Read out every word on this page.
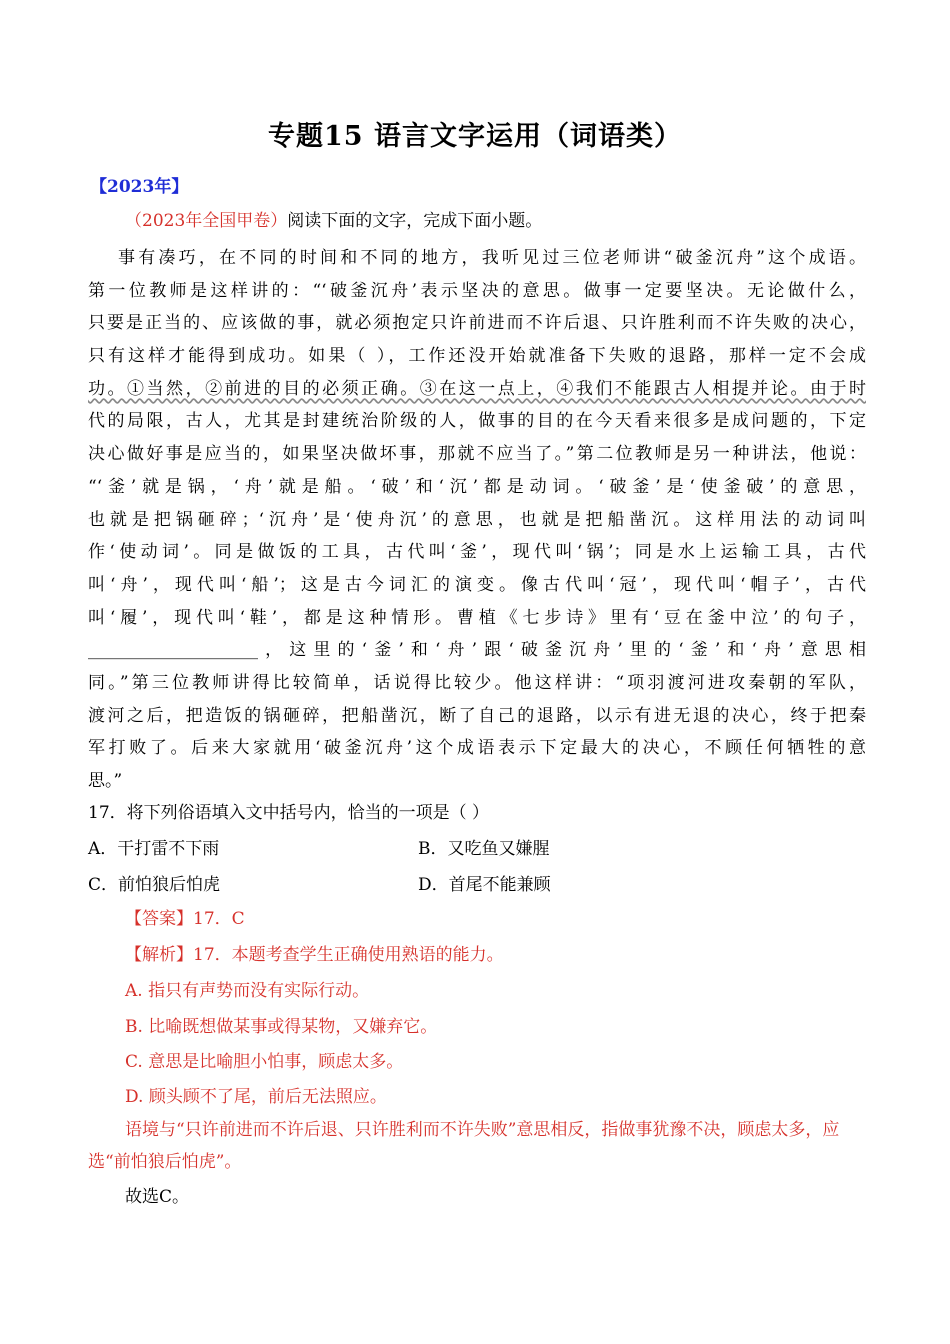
专题15 语言文字运用（词语类）
【2023年】
（2023年全国甲卷）阅读下面的文字，完成下面小题。
事有凑巧，在不同的时间和不同的地方，我听见过三位老师讲“破釜沉舟”这个成语。
第一位教师是这样讲的：“‘破釜沉舟’表示坚决的意思。做事一定要坚决。无论做什么，
只要是正当的、应该做的事，就必须抱定只许前进而不许后退、只许胜利而不许失败的决心，
只有这样才能得到成功。如果（ ），工作还没开始就准备下失败的退路，那样一定不会成
功。①当然，②前进的目的必须正确。③在这一点上，④我们不能跟古人相提并论。由于时
代的局限，古人，尤其是封建统治阶级的人，做事的目的在今天看来很多是成问题的，下定
决心做好事是应当的，如果坚决做坏事，那就不应当了。”第二位教师是另一种讲法，他说：
“‘釜’就是锅，‘舟’就是船。‘破’和‘沉’都是动词。‘破釜’是‘使釜破’的意思，
也就是把锅砸碎；‘沉舟’是‘使舟沉’的意思，也就是把船凿沉。这样用法的动词叫
作‘使动词’。同是做饭的工具，古代叫‘釜’，现代叫‘锅’；同是水上运输工具，古代
叫‘舟’，现代叫‘船’；这是古今词汇的演变。像古代叫‘冠’，现代叫‘帽子’，古代
叫‘履’，现代叫‘鞋’，都是这种情形。曹植《七步诗》里有‘豆在釜中泣’的句子，
____________________，这里的‘釜’和‘舟’跟‘破釜沉舟’里的‘釜’和‘舟’意思相
同。”第三位教师讲得比较简单，话说得比较少。他这样讲：“项羽渡河进攻秦朝的军队，
渡河之后，把造饭的锅砸碎，把船凿沉，断了自己的退路，以示有进无退的决心，终于把秦
军打败了。后来大家就用‘破釜沉舟’这个成语表示下定最大的决心，不顾任何牺牲的意
思。”
17．将下列俗语填入文中括号内，恰当的一项是（ ）
A．干打雷不下雨	B．又吃鱼又嫌腥
C．前怕狼后怕虎	D．首尾不能兼顾
【答案】17．C
【解析】17．本题考查学生正确使用熟语的能力。
A. 指只有声势而没有实际行动。
B. 比喻既想做某事或得某物，又嫌弃它。
C. 意思是比喻胆小怕事，顾虑太多。
D. 顾头顾不了尾，前后无法照应。
语境与“只许前进而不许后退、只许胜利而不许失败”意思相反，指做事犹豫不决，顾虑太多，应选“前怕狼后怕虎”。
故选C。
